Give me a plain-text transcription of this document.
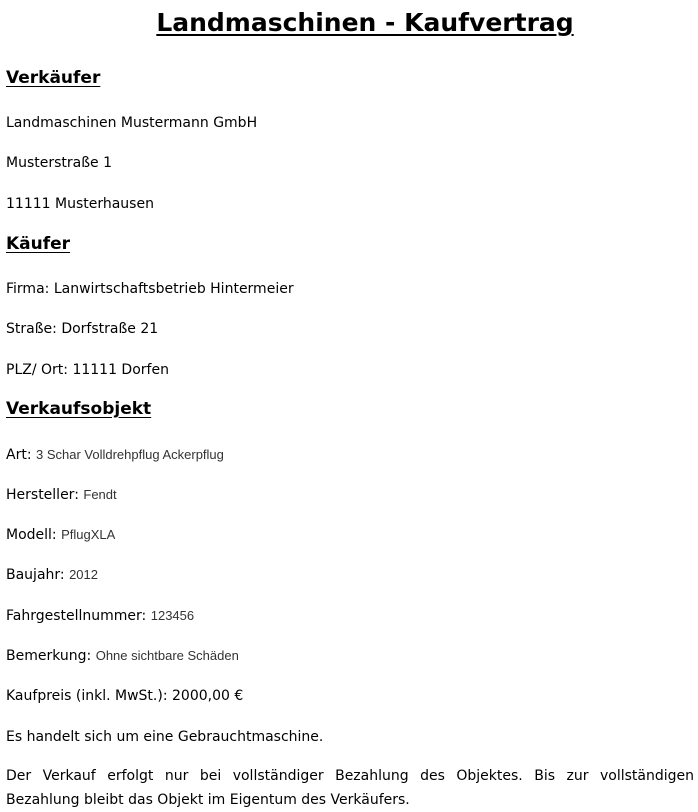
Landmaschinen - Kaufvertrag
Verkäufer
Landmaschinen Mustermann GmbH
Musterstraße 1
11111 Musterhausen
Käufer
Firma: Lanwirtschaftsbetrieb Hintermeier
Straße: Dorfstraße 21
PLZ/ Ort: 11111 Dorfen
Verkaufsobjekt
Art: 3 Schar Volldrehpflug Ackerpflug
Hersteller: Fendt
Modell: PflugXLA
Baujahr: 2012
Fahrgestellnummer: 123456
Bemerkung: Ohne sichtbare Schäden
Kaufpreis (inkl. MwSt.): 2000,00 €
Es handelt sich um eine Gebrauchtmaschine.
Der Verkauf erfolgt nur bei vollständiger Bezahlung des Objektes. Bis zur vollständigen Bezahlung bleibt das Objekt im Eigentum des Verkäufers.
